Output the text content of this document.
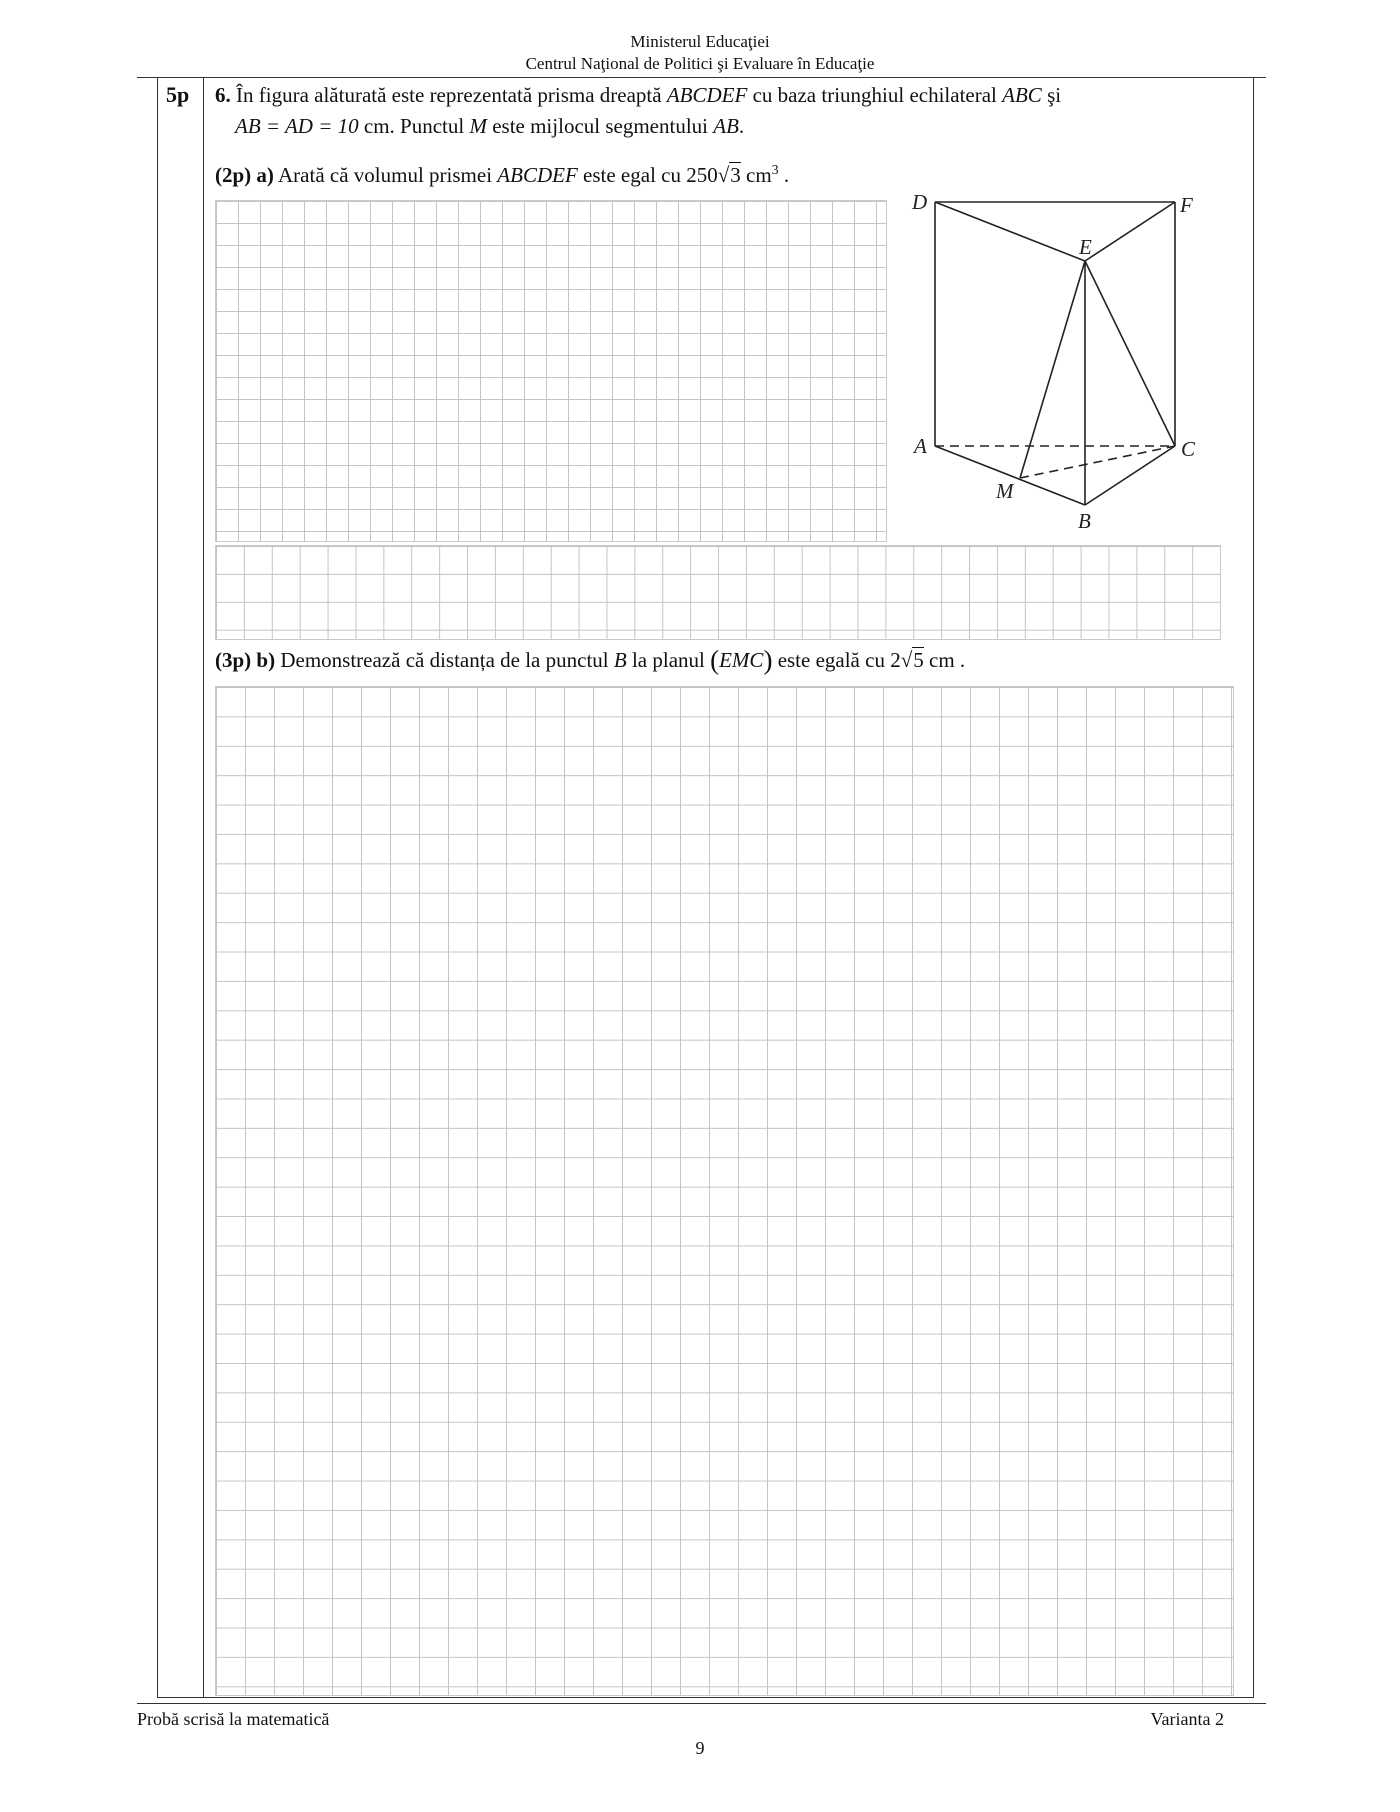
Ministerul Educaţiei
Centrul Naţional de Politici şi Evaluare în Educaţie
5p 6. În figura alăturată este reprezentată prisma dreaptă ABCDEF cu baza triunghiul echilateral ABC şi
AB = AD = 10 cm. Punctul M este mijlocul segmentului AB.
(2p) a) Arată că volumul prismei ABCDEF este egal cu 250√3 $cm^3$ .
D	F
E
A	C
M
B
(3p) b) Demonstrează că distanța de la punctul B la planul (EMC) este egală cu 2√5 cm .
Probă scrisă la matematică	Varianta 2
9
